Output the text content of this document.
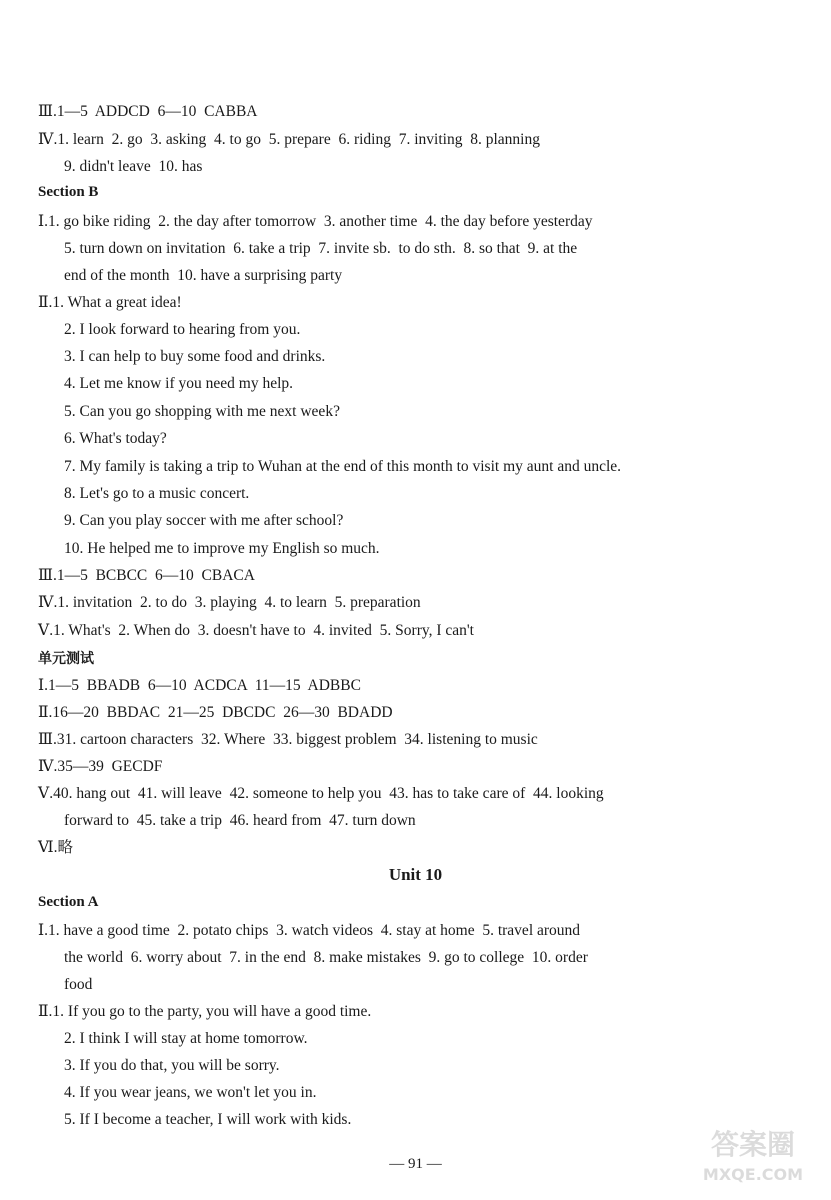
Ⅲ.1—5  ADDCD  6—10  CABBA
Ⅳ.1. learn  2. go  3. asking  4. to go  5. prepare  6. riding  7. inviting  8. planning
9. didn't leave  10. has
Section B
Ⅰ.1. go bike riding  2. the day after tomorrow  3. another time  4. the day before yesterday
5. turn down on invitation  6. take a trip  7. invite sb.  to do sth.  8. so that  9. at the
end of the month  10. have a surprising party
Ⅱ.1. What a great idea!
2. I look forward to hearing from you.
3. I can help to buy some food and drinks.
4. Let me know if you need my help.
5. Can you go shopping with me next week?
6. What's today?
7. My family is taking a trip to Wuhan at the end of this month to visit my aunt and uncle.
8. Let's go to a music concert.
9. Can you play soccer with me after school?
10. He helped me to improve my English so much.
Ⅲ.1—5  BCBCC  6—10  CBACA
Ⅳ.1. invitation  2. to do  3. playing  4. to learn  5. preparation
Ⅴ.1. What's  2. When do  3. doesn't have to  4. invited  5. Sorry, I can't
单元测试
Ⅰ.1—5  BBADB  6—10  ACDCA  11—15  ADBBC
Ⅱ.16—20  BBDAC  21—25  DBCDC  26—30  BDADD
Ⅲ.31. cartoon characters  32. Where  33. biggest problem  34. listening to music
Ⅳ.35—39  GECDF
Ⅴ.40. hang out  41. will leave  42. someone to help you  43. has to take care of  44. looking
forward to  45. take a trip  46. heard from  47. turn down
Ⅵ.略
Unit 10
Section A
Ⅰ.1. have a good time  2. potato chips  3. watch videos  4. stay at home  5. travel around
the world  6. worry about  7. in the end  8. make mistakes  9. go to college  10. order
food
Ⅱ.1. If you go to the party, you will have a good time.
2. I think I will stay at home tomorrow.
3. If you do that, you will be sorry.
4. If you wear jeans, we won't let you in.
5. If I become a teacher, I will work with kids.
— 91 —
答案圈
MXQE.COM
